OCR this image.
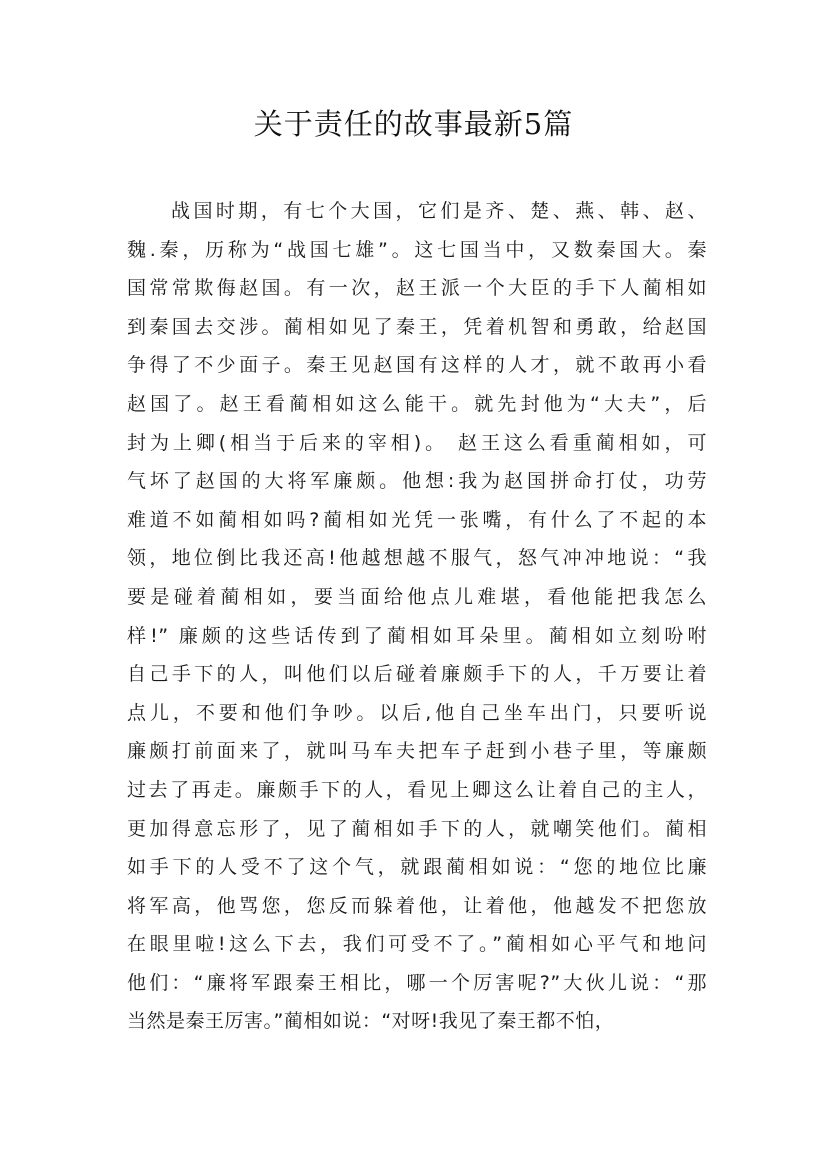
关于责任的故事最新5篇
战国时期，有七个大国，它们是齐、楚、燕、韩、赵、
魏.秦，历称为“战国七雄”。这七国当中，又数秦国大。秦
国常常欺侮赵国。有一次，赵王派一个大臣的手下人蔺相如
到秦国去交涉。蔺相如见了秦王，凭着机智和勇敢，给赵国
争得了不少面子。秦王见赵国有这样的人才，就不敢再小看
赵国了。赵王看蔺相如这么能干。就先封他为“大夫”，后
封为上卿(相当于后来的宰相)。 赵王这么看重蔺相如，可
气坏了赵国的大将军廉颇。他想:我为赵国拼命打仗，功劳
难道不如蔺相如吗?蔺相如光凭一张嘴，有什么了不起的本
领，地位倒比我还高!他越想越不服气，怒气冲冲地说：“我
要是碰着蔺相如，要当面给他点儿难堪，看他能把我怎么
样!” 廉颇的这些话传到了蔺相如耳朵里。蔺相如立刻吩咐
自己手下的人，叫他们以后碰着廉颇手下的人，千万要让着
点儿，不要和他们争吵。以后,他自己坐车出门，只要听说
廉颇打前面来了，就叫马车夫把车子赶到小巷子里，等廉颇
过去了再走。廉颇手下的人，看见上卿这么让着自己的主人，
更加得意忘形了，见了蔺相如手下的人，就嘲笑他们。蔺相
如手下的人受不了这个气，就跟蔺相如说：“您的地位比廉
将军高，他骂您，您反而躲着他，让着他，他越发不把您放
在眼里啦!这么下去，我们可受不了。”蔺相如心平气和地问
他们：“廉将军跟秦王相比，哪一个厉害呢?”大伙儿说：“那
当然是秦王厉害。”蔺相如说：“对呀!我见了秦王都不怕，
